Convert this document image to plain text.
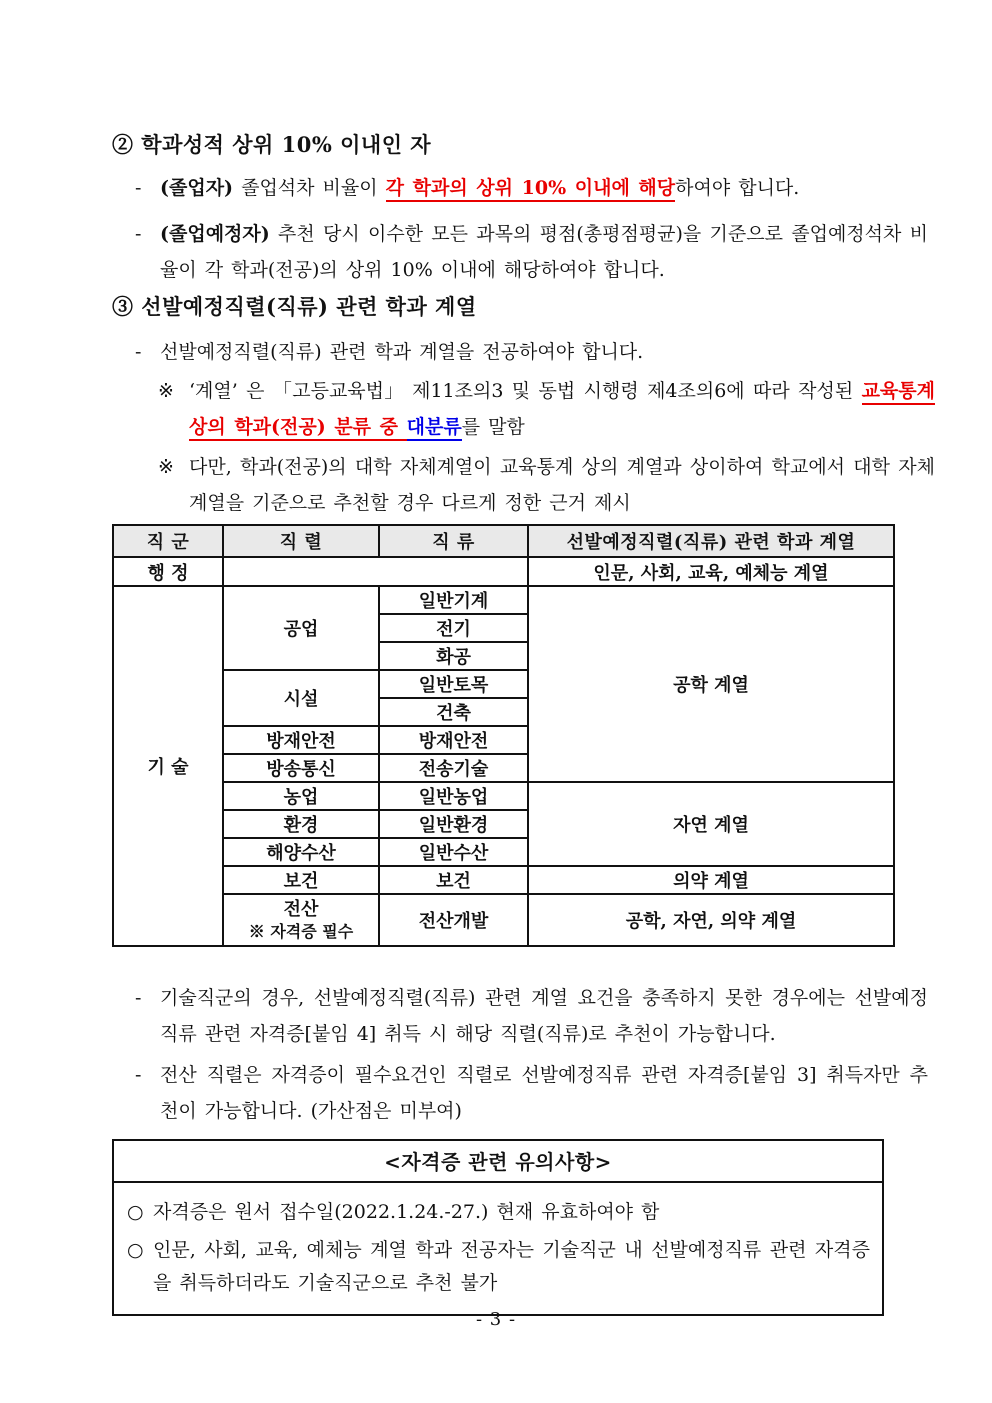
② 학과성적 상위 10% 이내인 자
- (졸업자) 졸업석차 비율이 각 학과의 상위 10% 이내에 해당하여야 합니다.
- (졸업예정자) 추천 당시 이수한 모든 과목의 평점(총평점평균)을 기준으로 졸업예정석차 비율이 각 학과(전공)의 상위 10% 이내에 해당하여야 합니다.
③ 선발예정직렬(직류) 관련 학과 계열
- 선발예정직렬(직류) 관련 학과 계열을 전공하여야 합니다.
※ ‘계열’ 은 「고등교육법」 제11조의3 및 동법 시행령 제4조의6에 따라 작성된 교육통계 상의 학과(전공) 분류 중 대분류를 말함
※ 다만, 학과(전공)의 대학 자체계열이 교육통계 상의 계열과 상이하여 학교에서 대학 자체계열을 기준으로 추천할 경우 다르게 정한 근거 제시
직 군	직 렬	직 류	선발예정직렬(직류) 관련 학과 계열
행 정			인문, 사회, 교육, 예체능 계열
기 술	공업	일반기계	공학 계열
		전기	
		화공	
	시설	일반토목	
		건축	
	방재안전	방재안전	
	방송통신	전송기술	
	농업	일반농업	자연 계열
	환경	일반환경	
	해양수산	일반수산	
	보건	보건	의약 계열

	전산
※ 자격증 필수	전산개발	공학, 자연, 의약 계열
- 기술직군의 경우, 선발예정직렬(직류) 관련 계열 요건을 충족하지 못한 경우에는 선발예정직류 관련 자격증[붙임 4] 취득 시 해당 직렬(직류)로 추천이 가능합니다.
- 전산 직렬은 자격증이 필수요건인 직렬로 선발예정직류 관련 자격증[붙임 3] 취득자만 추천이 가능합니다. (가산점은 미부여)
<자격증 관련 유의사항>
○ 자격증은 원서 접수일(2022.1.24.-27.) 현재 유효하여야 함
○ 인문, 사회, 교육, 예체능 계열 학과 전공자는 기술직군 내 선발예정직류 관련 자격증을 취득하더라도 기술직군으로 추천 불가
- 3 -
